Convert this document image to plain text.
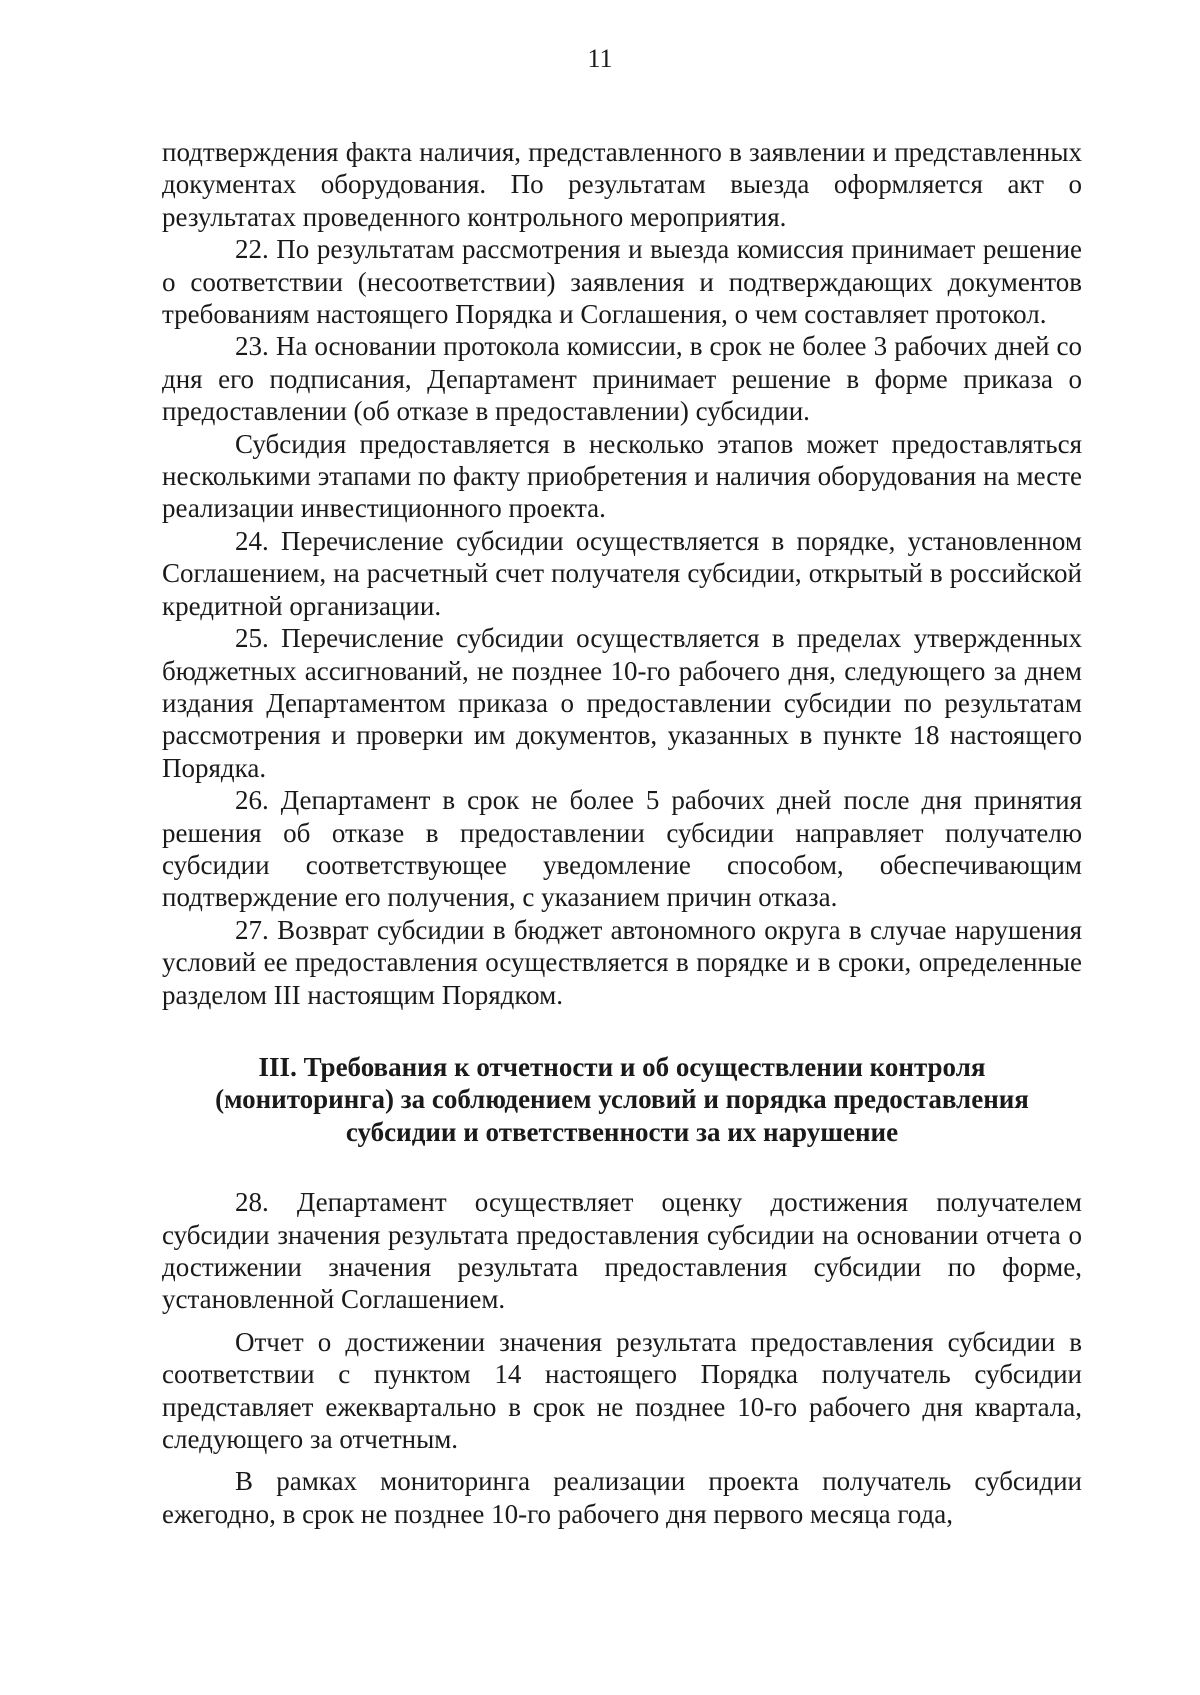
11

подтверждения факта наличия, представленного в заявлении и представленных документах оборудования. По результатам выезда оформляется акт о результатах проведенного контрольного мероприятия.

22. По результатам рассмотрения и выезда комиссия принимает решение о соответствии (несоответствии) заявления и подтверждающих документов требованиям настоящего Порядка и Соглашения, о чем составляет протокол.

23. На основании протокола комиссии, в срок не более 3 рабочих дней со дня его подписания, Департамент принимает решение в форме приказа о предоставлении (об отказе в предоставлении) субсидии.

Субсидия предоставляется в несколько этапов может предоставляться несколькими этапами по факту приобретения и наличия оборудования на месте реализации инвестиционного проекта.

24. Перечисление субсидии осуществляется в порядке, установленном Соглашением, на расчетный счет получателя субсидии, открытый в российской кредитной организации.

25. Перечисление субсидии осуществляется в пределах утвержденных бюджетных ассигнований, не позднее 10-го рабочего дня, следующего за днем издания Департаментом приказа о предоставлении субсидии по результатам рассмотрения и проверки им документов, указанных в пункте 18 настоящего Порядка.

26. Департамент в срок не более 5 рабочих дней после дня принятия решения об отказе в предоставлении субсидии направляет получателю субсидии соответствующее уведомление способом, обеспечивающим подтверждение его получения, с указанием причин отказа.

27. Возврат субсидии в бюджет автономного округа в случае нарушения условий ее предоставления осуществляется в порядке и в сроки, определенные разделом III настоящим Порядком.

III. Требования к отчетности и об осуществлении контроля
(мониторинга) за соблюдением условий и порядка предоставления
субсидии и ответственности за их нарушение

28. Департамент осуществляет оценку достижения получателем субсидии значения результата предоставления субсидии на основании отчета о достижении значения результата предоставления субсидии по форме, установленной Соглашением.

Отчет о достижении значения результата предоставления субсидии в соответствии с пунктом 14 настоящего Порядка получатель субсидии представляет ежеквартально в срок не позднее 10-го рабочего дня квартала, следующего за отчетным.

В рамках мониторинга реализации проекта получатель субсидии ежегодно, в срок не позднее 10-го рабочего дня первого месяца года,
